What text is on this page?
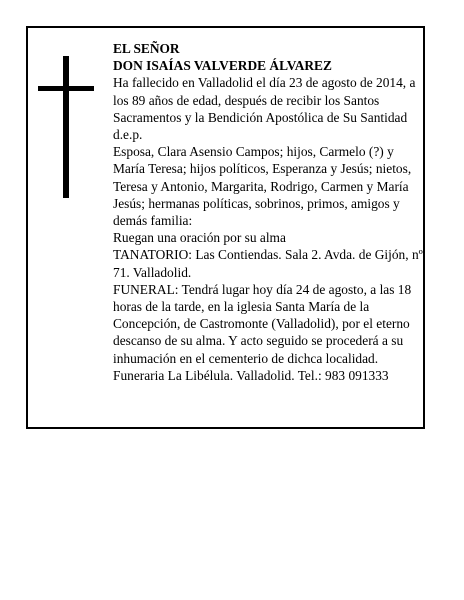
EL SEÑOR

DON ISAÍAS VALVERDE ÁLVAREZ

Ha fallecido en Valladolid el día 23 de agosto de 2014, a los 89 años de edad, después de recibir los Santos Sacramentos y la Bendición Apostólica de Su Santidad d.e.p.

Esposa, Clara Asensio Campos; hijos, Carmelo (?) y María Teresa; hijos políticos, Esperanza y Jesús; nietos, Teresa y Antonio, Margarita, Rodrigo, Carmen y María Jesús; hermanas políticas, sobrinos, primos, amigos y demás familia:

Ruegan una oración por su alma

TANATORIO: Las Contiendas. Sala 2. Avda. de Gijón, nº 71. Valladolid.

FUNERAL: Tendrá lugar hoy día 24 de agosto, a las 18 horas de la tarde, en la iglesia Santa María de la Concepción, de Castromonte (Valladolid), por el eterno descanso de su alma. Y acto seguido se procederá a su inhumación en el cementerio de dichca localidad.

Funeraria La Libélula. Valladolid. Tel.: 983 091333
